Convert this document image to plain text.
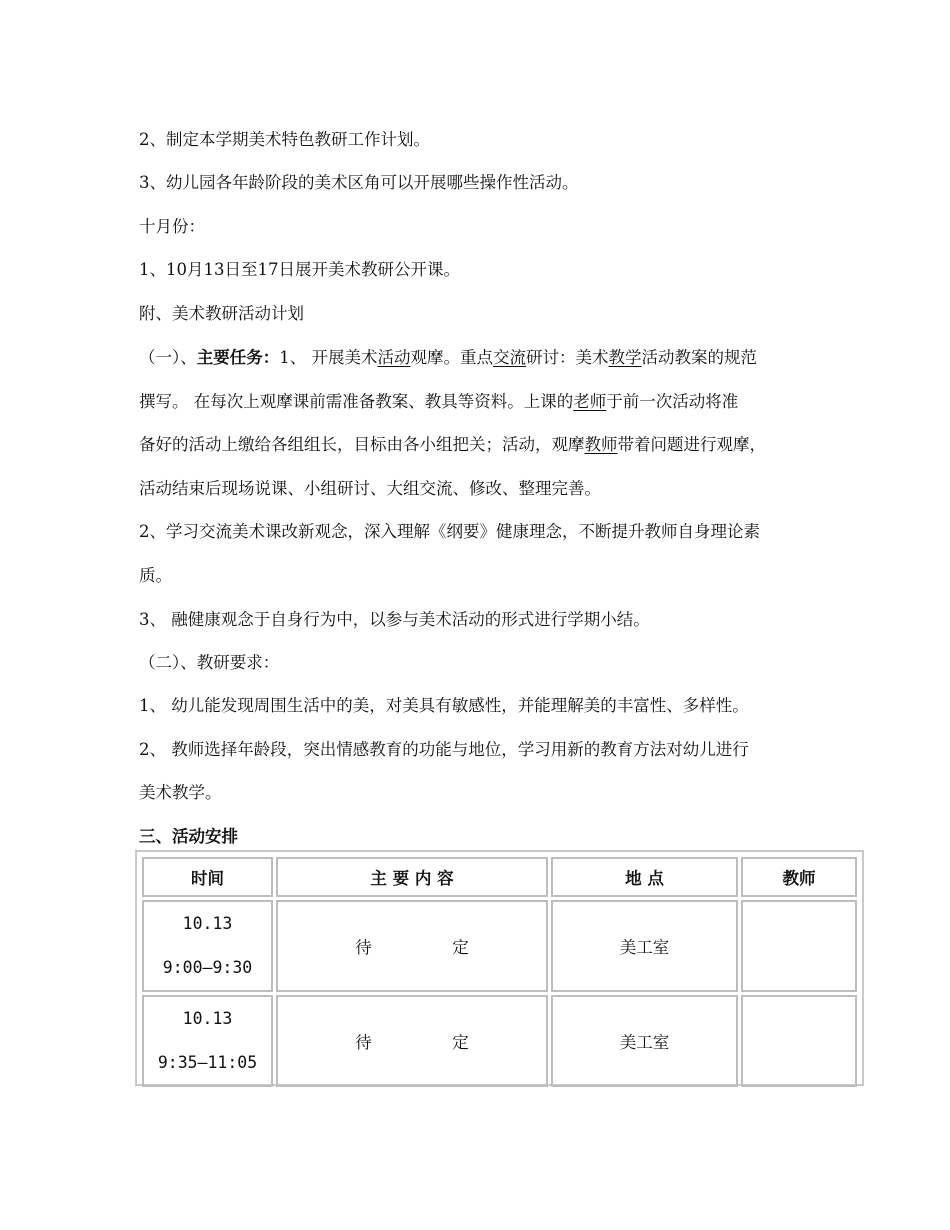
2、制定本学期美术特色教研工作计划。
3、幼儿园各年龄阶段的美术区角可以开展哪些操作性活动。
十月份：
1、10月13日至17日展开美术教研公开课。
附、美术教研活动计划
（一）、主要任务：1、 开展美术活动观摩。重点交流研讨：美术教学活动教案的规范
撰写。 在每次上观摩课前需准备教案、教具等资料。上课的老师于前一次活动将准
备好的活动上缴给各组组长，目标由各小组把关；活动，观摩教师带着问题进行观摩，
活动结束后现场说课、小组研讨、大组交流、修改、整理完善。
2、学习交流美术课改新观念，深入理解《纲要》健康理念，不断提升教师自身理论素
质。
3、 融健康观念于自身行为中，以参与美术活动的形式进行学期小结。
（二）、教研要求：
1、 幼儿能发现周围生活中的美，对美具有敏感性，并能理解美的丰富性、多样性。
2、 教师选择年龄段，突出情感教育的功能与地位，学习用新的教育方法对幼儿进行
美术教学。
三、活动安排
时间	主 要 内 容	地 点	教师

10.13
9:00—9:30	待 定	美工室	

10.13
9:35—11:05	待 定	美工室	
